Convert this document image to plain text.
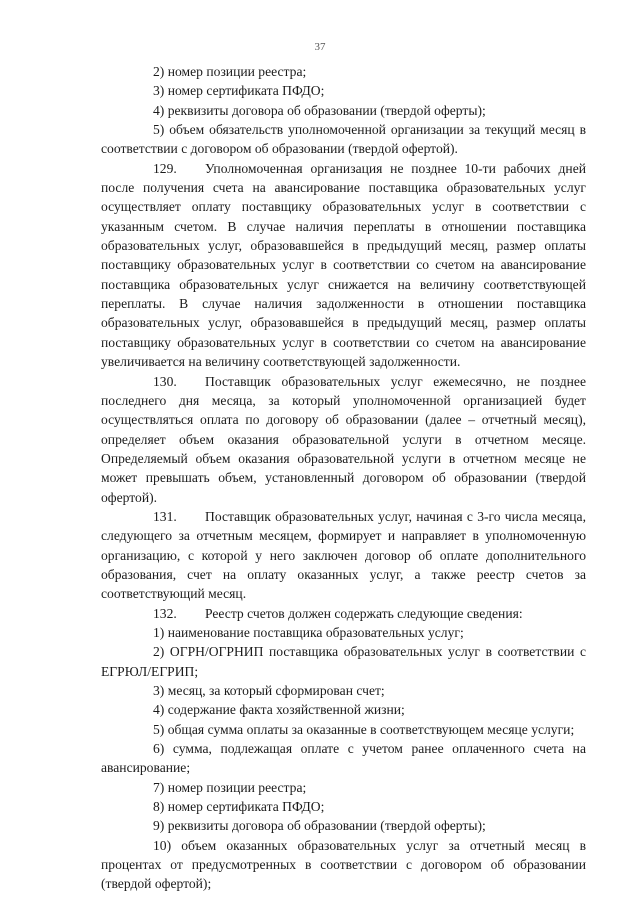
37

2) номер позиции реестра;

3) номер сертификата ПФДО;

4) реквизиты договора об образовании (твердой оферты);

5) объем обязательств уполномоченной организации за текущий месяц в соответствии с договором об образовании (твердой офертой).

129. Уполномоченная организация не позднее 10-ти рабочих дней после получения счета на авансирование поставщика образовательных услуг осуществляет оплату поставщику образовательных услуг в соответствии с указанным счетом. В случае наличия переплаты в отношении поставщика образовательных услуг, образовавшейся в предыдущий месяц, размер оплаты поставщику образовательных услуг в соответствии со счетом на авансирование поставщика образовательных услуг снижается на величину соответствующей переплаты. В случае наличия задолженности в отношении поставщика образовательных услуг, образовавшейся в предыдущий месяц, размер оплаты поставщику образовательных услуг в соответствии со счетом на авансирование увеличивается на величину соответствующей задолженности.

130. Поставщик образовательных услуг ежемесячно, не позднее последнего дня месяца, за который уполномоченной организацией будет осуществляться оплата по договору об образовании (далее – отчетный месяц), определяет объем оказания образовательной услуги в отчетном месяце. Определяемый объем оказания образовательной услуги в отчетном месяце не может превышать объем, установленный договором об образовании (твердой офертой).

131. Поставщик образовательных услуг, начиная с 3-го числа месяца, следующего за отчетным месяцем, формирует и направляет в уполномоченную организацию, с которой у него заключен договор об оплате дополнительного образования, счет на оплату оказанных услуг, а также реестр счетов за соответствующий месяц.

132. Реестр счетов должен содержать следующие сведения:

1) наименование поставщика образовательных услуг;

2) ОГРН/ОГРНИП поставщика образовательных услуг в соответствии с ЕГРЮЛ/ЕГРИП;

3) месяц, за который сформирован счет;

4) содержание факта хозяйственной жизни;

5) общая сумма оплаты за оказанные в соответствующем месяце услуги;

6) сумма, подлежащая оплате с учетом ранее оплаченного счета на авансирование;

7) номер позиции реестра;

8) номер сертификата ПФДО;

9) реквизиты договора об образовании (твердой оферты);

10) объем оказанных образовательных услуг за отчетный месяц в процентах от предусмотренных в соответствии с договором об образовании (твердой офертой);
